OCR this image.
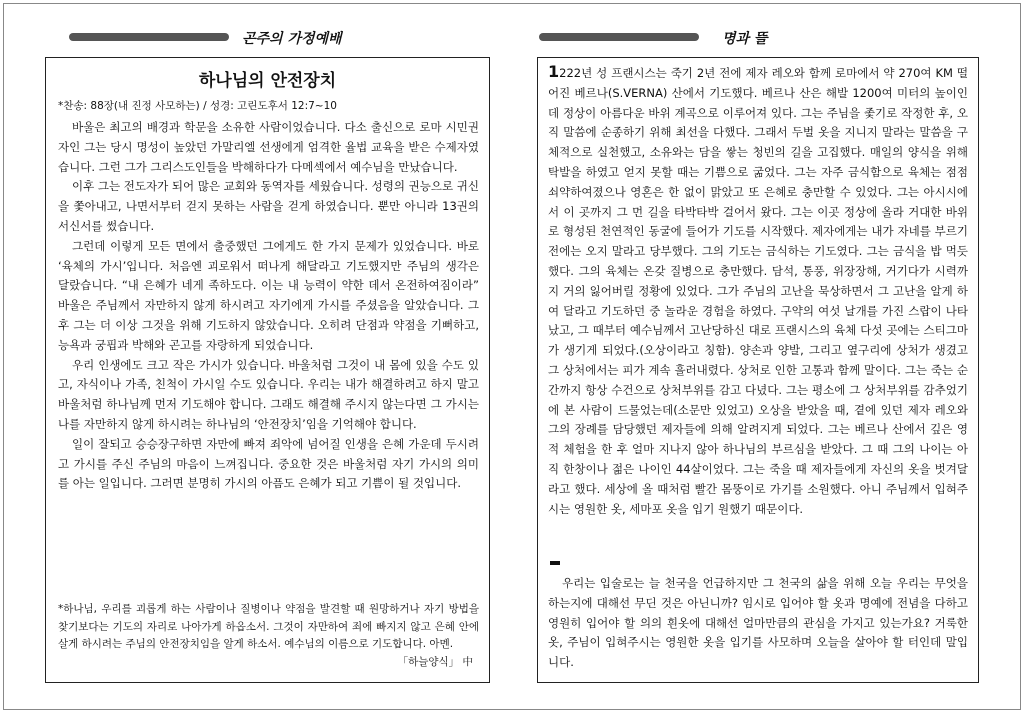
곤주의 가정예배	명과 뜰
하나님의 안전장치
*찬송: 88장(내 진정 사모하는) / 성경: 고린도후서 12:7~10

바울은 최고의 배경과 학문을 소유한 사람이었습니다. 다소 출신으로 로마 시민권자인 그는 당시 명성이 높았던 가말리엘 선생에게 엄격한 율법 교육을 받은 수제자였습니다. 그런 그가 그리스도인들을 박해하다가 다메섹에서 예수님을 만났습니다.

이후 그는 전도자가 되어 많은 교회와 동역자를 세웠습니다. 성령의 권능으로 귀신을 쫓아내고, 나면서부터 걷지 못하는 사람을 걷게 하였습니다. 뿐만 아니라 13권의 서신서를 썼습니다.

그런데 이렇게 모든 면에서 출중했던 그에게도 한 가지 문제가 있었습니다. 바로 ‘육체의 가시’입니다. 처음엔 괴로워서 떠나게 해달라고 기도했지만 주님의 생각은 달랐습니다. “내 은혜가 네게 족하도다. 이는 내 능력이 약한 데서 온전하여짐이라” 바울은 주님께서 자만하지 않게 하시려고 자기에게 가시를 주셨음을 알았습니다. 그 후 그는 더 이상 그것을 위해 기도하지 않았습니다. 오히려 단점과 약점을 기뻐하고, 능욕과 궁핍과 박해와 곤고를 자랑하게 되었습니다.

우리 인생에도 크고 작은 가시가 있습니다. 바울처럼 그것이 내 몸에 있을 수도 있고, 자식이나 가족, 친척이 가시일 수도 있습니다. 우리는 내가 해결하려고 하지 말고 바울처럼 하나님께 먼저 기도해야 합니다. 그래도 해결해 주시지 않는다면 그 가시는 나를 자만하지 않게 하시려는 하나님의 ‘안전장치’임을 기억해야 합니다.

일이 잘되고 승승장구하면 자만에 빠져 죄악에 넘어질 인생을 은혜 가운데 두시려고 가시를 주신 주님의 마음이 느껴집니다. 중요한 것은 바울처럼 자기 가시의 의미를 아는 일입니다. 그러면 분명히 가시의 아픔도 은혜가 되고 기쁨이 될 것입니다.

*하나님, 우리를 괴롭게 하는 사람이나 질병이나 약점을 발견할 때 원망하거나 자기 방법을 찾기보다는 기도의 자리로 나아가게 하옵소서. 그것이 자만하여 죄에 빠지지 않고 은혜 안에 살게 하시려는 주님의 안전장치임을 알게 하소서. 예수님의 이름으로 기도합니다. 아멘.
「하늘양식」 中

1222년 성 프랜시스는 죽기 2년 전에 제자 레오와 함께 로마에서 약 270여 KM 떨어진 베르나(S.VERNA) 산에서 기도했다. 베르나 산은 해발 1200여 미터의 높이인데 정상이 아름다운 바위 계곡으로 이루어져 있다. 그는 주님을 좇기로 작정한 후, 오직 말씀에 순종하기 위해 최선을 다했다. 그래서 두벌 옷을 지니지 말라는 말씀을 구체적으로 실천했고, 소유와는 담을 쌓는 청빈의 길을 고집했다. 매일의 양식을 위해 탁발을 하였고 얻지 못할 때는 기쁨으로 굶었다. 그는 자주 금식함으로 육체는 점점 쇠약하여졌으나 영혼은 한 없이 맑았고 또 은혜로 충만할 수 있었다. 그는 아시시에서 이 곳까지 그 먼 길을 타박타박 걸어서 왔다. 그는 이곳 정상에 올라 거대한 바위로 형성된 천연적인 동굴에 들어가 기도를 시작했다. 제자에게는 내가 자네를 부르기 전에는 오지 말라고 당부했다. 그의 기도는 금식하는 기도였다. 그는 금식을 밥 먹듯했다. 그의 육체는 온갖 질병으로 충만했다. 담석, 통풍, 위장장해, 거기다가 시력까지 거의 잃어버릴 정황에 있었다. 그가 주님의 고난을 묵상하면서 그 고난을 알게 하여 달라고 기도하던 중 놀라운 경험을 하였다. 구약의 여섯 날개를 가진 스랍이 나타났고, 그 때부터 예수님께서 고난당하신 대로 프랜시스의 육체 다섯 곳에는 스티그마가 생기게 되었다.(오상이라고 칭함). 양손과 양발, 그리고 옆구리에 상처가 생겼고 그 상처에서는 피가 계속 흘러내렸다. 상처로 인한 고통과 함께 말이다. 그는 죽는 순간까지 항상 수건으로 상처부위를 감고 다녔다. 그는 평소에 그 상처부위를 감추었기에 본 사람이 드물었는데(소문만 있었고) 오상을 받았을 때, 곁에 있던 제자 레오와 그의 장례를 담당했던 제자들에 의해 알려지게 되었다. 그는 베르나 산에서 깊은 영적 체험을 한 후 얼마 지나지 않아 하나님의 부르심을 받았다. 그 때 그의 나이는 아직 한창이나 젊은 나이인 44살이었다. 그는 죽을 때 제자들에게 자신의 옷을 벗겨달라고 했다. 세상에 올 때처럼 빨간 몸뚱이로 가기를 소원했다. 아니 주님께서 입혀주시는 영원한 옷, 세마포 옷을 입기 원했기 때문이다.

우리는 입술로는 늘 천국을 언급하지만 그 천국의 삶을 위해 오늘 우리는 무엇을 하는지에 대해선 무딘 것은 아닌니까? 임시로 입어야 할 옷과 명예에 전념을 다하고 영원히 입어야 할 의의 흰옷에 대해선 얼마만큼의 관심을 가지고 있는가요? 거룩한 옷, 주님이 입혀주시는 영원한 옷을 입기를 사모하며 오늘을 살아야 할 터인데 말입니다.
